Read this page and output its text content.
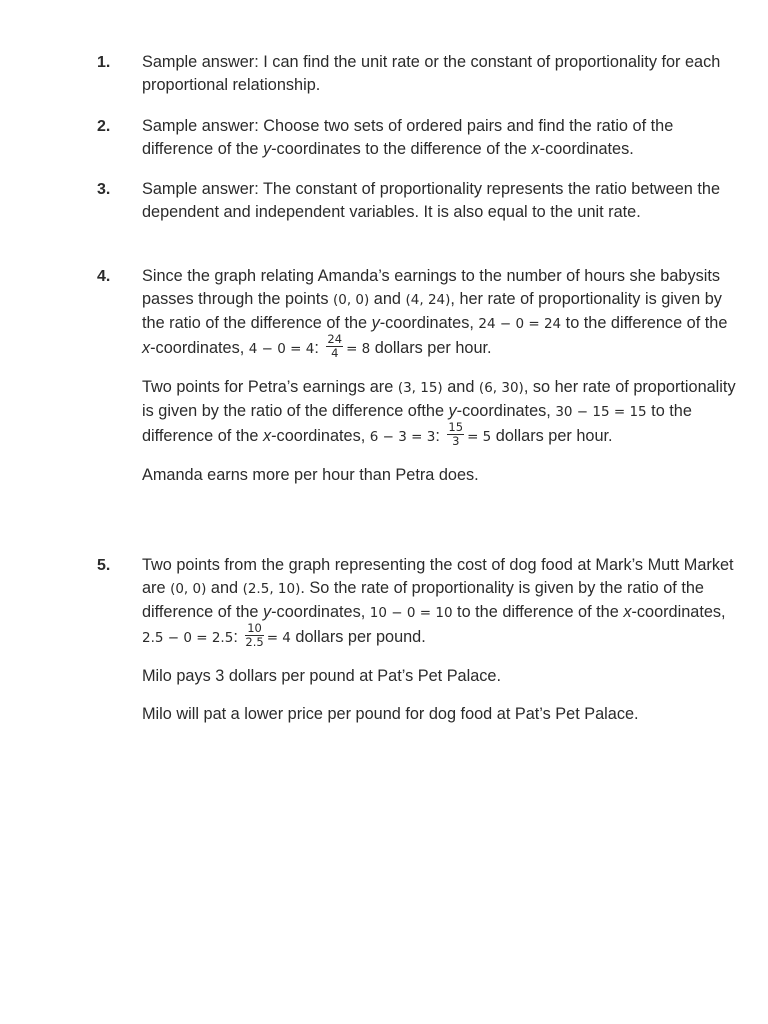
1. Sample answer: I can find the unit rate or the constant of proportionality for each proportional relationship.

2. Sample answer: Choose two sets of ordered pairs and find the ratio of the difference of the y-coordinates to the difference of the x-coordinates.

3. Sample answer: The constant of proportionality represents the ratio between the dependent and independent variables. It is also equal to the unit rate.

4. Since the graph relating Amanda’s earnings to the number of hours she babysits passes through the points (0, 0) and (4, 24), her rate of proportionality is given by the ratio of the difference of the y-coordinates, 24 − 0 = 24 to the difference of the x-coordinates, 4 − 0 = 4: $\frac{24}{4} = 8$ dollars per hour.

Two points for Petra’s earnings are (3, 15) and (6, 30), so her rate of proportionality is given by the ratio of the difference ofthe y-coordinates, 30 − 15 = 15 to the difference of the x-coordinates, 6 − 3 = 3: $\frac{15}{3} = 5$ dollars per hour.

Amanda earns more per hour than Petra does.

5. Two points from the graph representing the cost of dog food at Mark’s Mutt Market are (0, 0) and (2.5, 10). So the rate of proportionality is given by the ratio of the difference of the y-coordinates, 10 − 0 = 10 to the difference of the x-coordinates, 2.5 − 0 = 2.5: $\frac{10}{2.5} = 4$ dollars per pound.

Milo pays 3 dollars per pound at Pat’s Pet Palace.

Milo will pat a lower price per pound for dog food at Pat’s Pet Palace.
